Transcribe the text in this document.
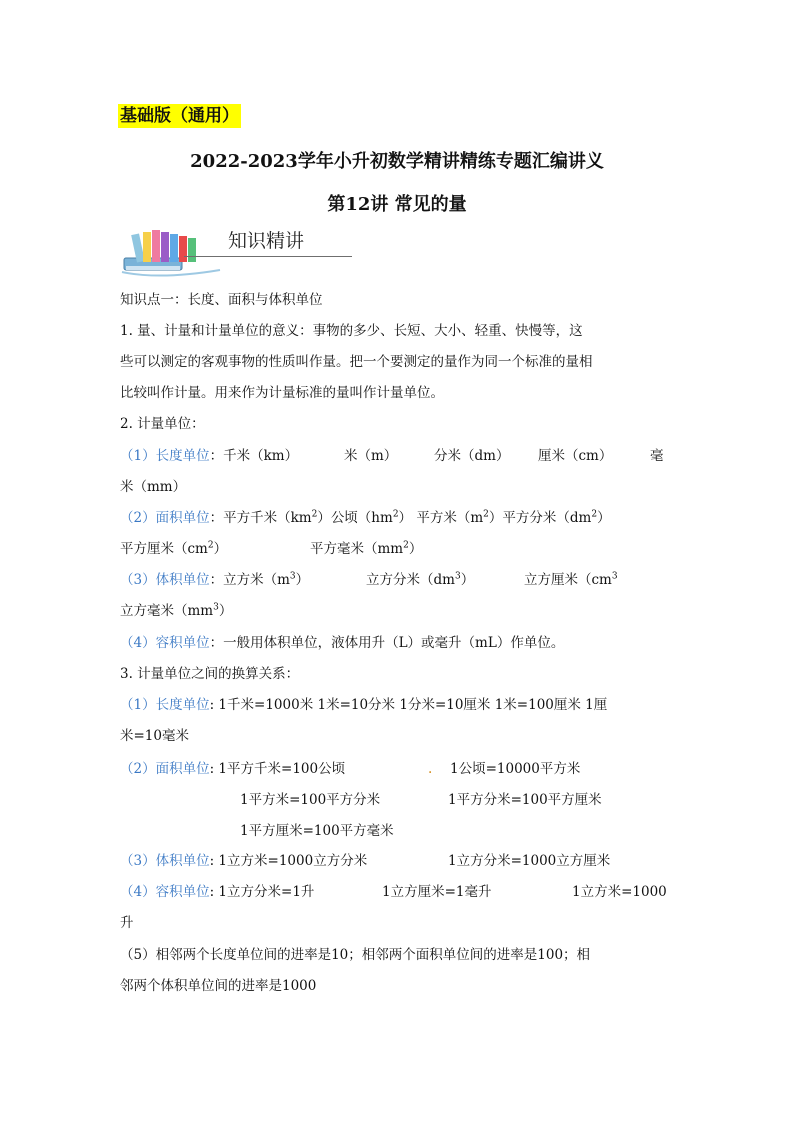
基础版（通用）
2022-2023学年小升初数学精讲精练专题汇编讲义
第12讲 常见的量
知识精讲
知识点一：长度、面积与体积单位
1. 量、计量和计量单位的意义：事物的多少、长短、大小、轻重、快慢等，这
些可以测定的客观事物的性质叫作量。把一个要测定的量作为同一个标准的量相
比较叫作计量。用来作为计量标准的量叫作计量单位。
2. 计量单位：
（1）长度单位：千米（km）	米（m）	分米（dm） 厘米（cm）	毫
米（mm）
（2）面积单位：平方千米$(km^2)$公顷$(hm^2)$ 平方米$(m^2)$平方分米$(dm^2)$
平方厘米$(cm^2)$	平方毫米$(mm^2)$
（3）体积单位：立方米$(m^3)$	立方分米$(dm^3)$	立方厘米（$cm^3$
立方毫米$(mm^3)$
（4）容积单位：一般用体积单位，液体用升（L）或毫升（mL）作单位。
3. 计量单位之间的换算关系：
（1）长度单位: 1千米=1000米 1米=10分米 1分米=10厘米 1米=100厘米 1厘
米=10毫米
（2）面积单位: 1平方千米=100公顷	. 1公顷=10000平方米
1平方米=100平方分米	1平方分米=100平方厘米
1平方厘米=100平方毫米
（3）体积单位: 1立方米=1000立方分米	1立方分米=1000立方厘米
（4）容积单位: 1立方分米=1升	1立方厘米=1毫升	1立方米=1000
升
（5）相邻两个长度单位间的进率是10；相邻两个面积单位间的进率是100；相
邻两个体积单位间的进率是1000
